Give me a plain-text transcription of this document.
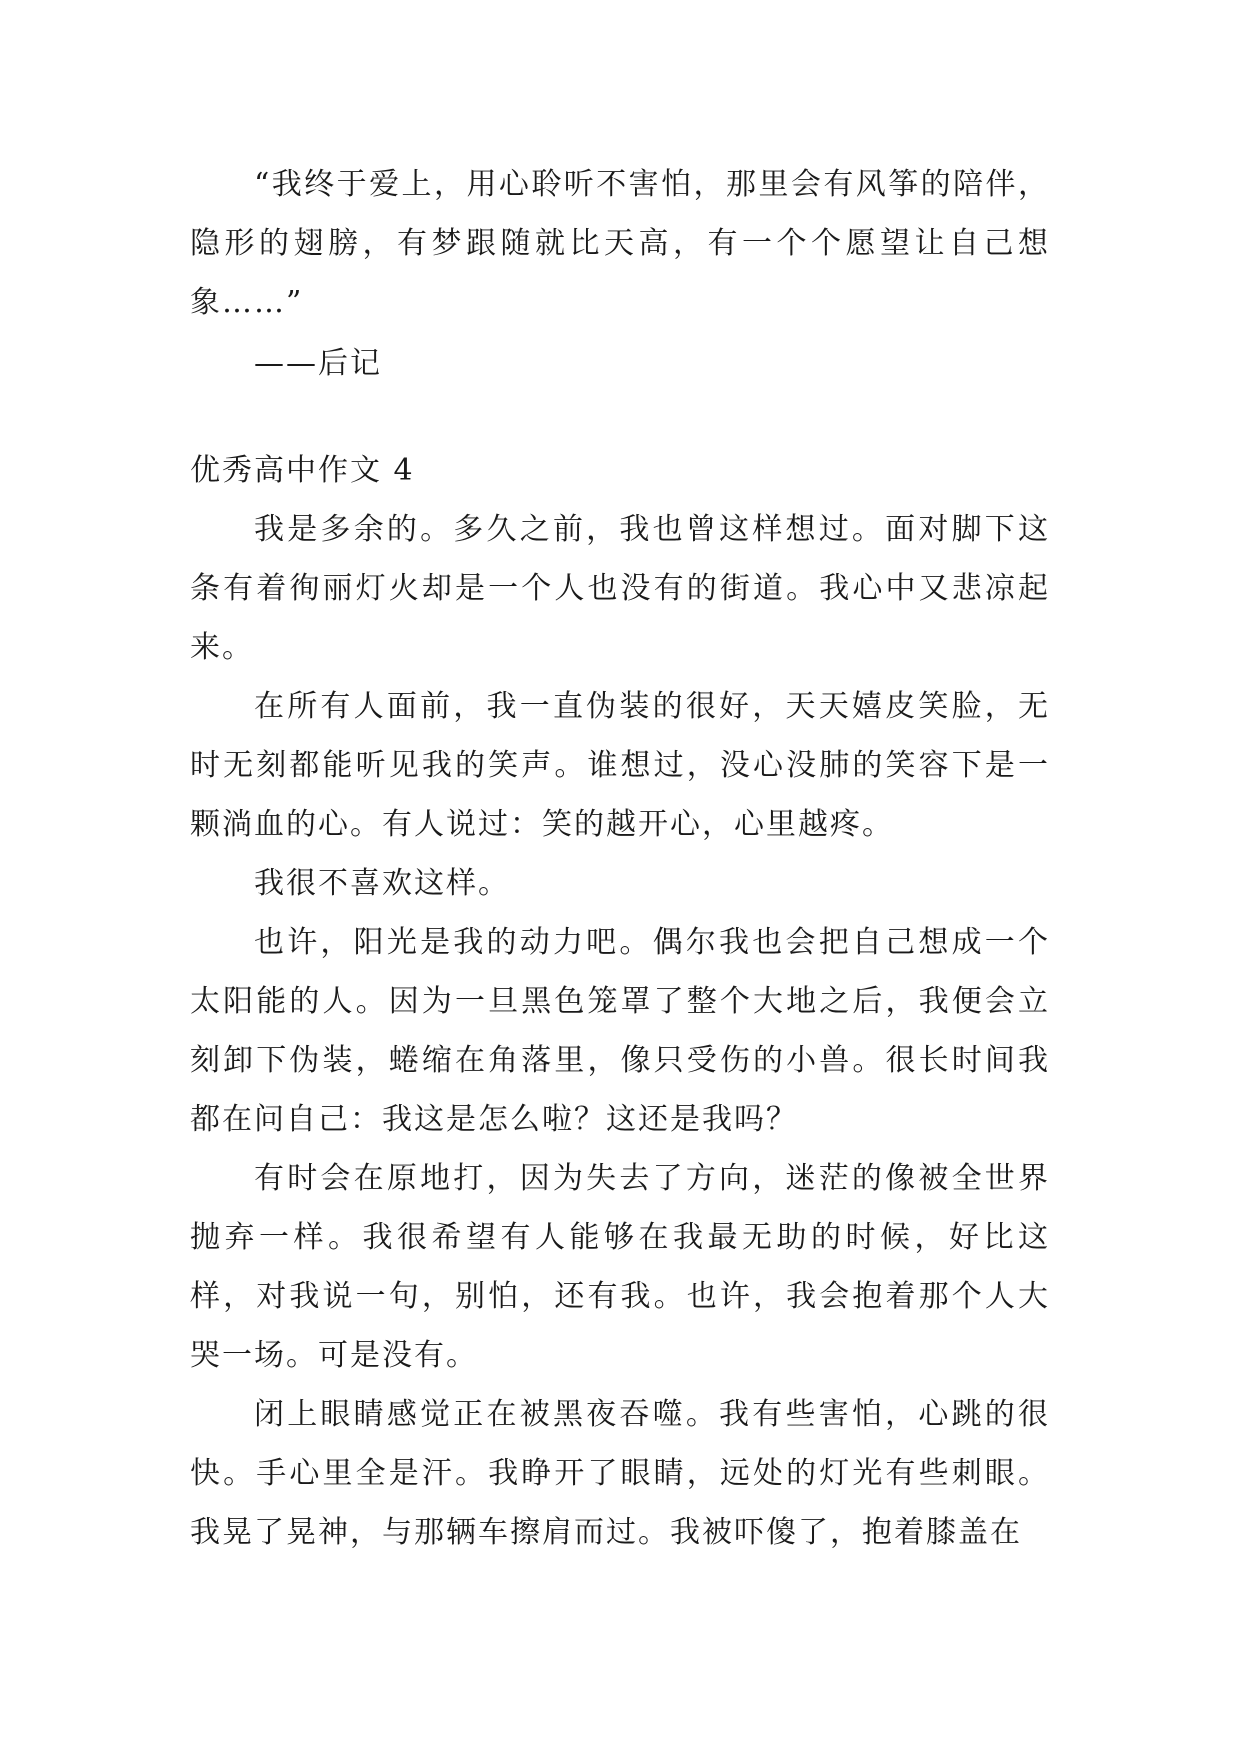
“我终于爱上，用心聆听不害怕，那里会有风筝的陪伴，隐形的翅膀，有梦跟随就比天高，有一个个愿望让自己想象……”

——后记

优秀高中作文 4

我是多余的。多久之前，我也曾这样想过。面对脚下这条有着徇丽灯火却是一个人也没有的街道。我心中又悲凉起来。

在所有人面前，我一直伪装的很好，天天嬉皮笑脸，无时无刻都能听见我的笑声。谁想过，没心没肺的笑容下是一颗淌血的心。有人说过：笑的越开心，心里越疼。

我很不喜欢这样。

也许，阳光是我的动力吧。偶尔我也会把自己想成一个太阳能的人。因为一旦黑色笼罩了整个大地之后，我便会立刻卸下伪装，蜷缩在角落里，像只受伤的小兽。很长时间我都在问自己：我这是怎么啦？这还是我吗？

有时会在原地打，因为失去了方向，迷茫的像被全世界抛弃一样。我很希望有人能够在我最无助的时候，好比这样，对我说一句，别怕，还有我。也许，我会抱着那个人大哭一场。可是没有。

闭上眼睛感觉正在被黑夜吞噬。我有些害怕，心跳的很快。手心里全是汗。我睁开了眼睛，远处的灯光有些刺眼。我晃了晃神，与那辆车擦肩而过。我被吓傻了，抱着膝盖在
